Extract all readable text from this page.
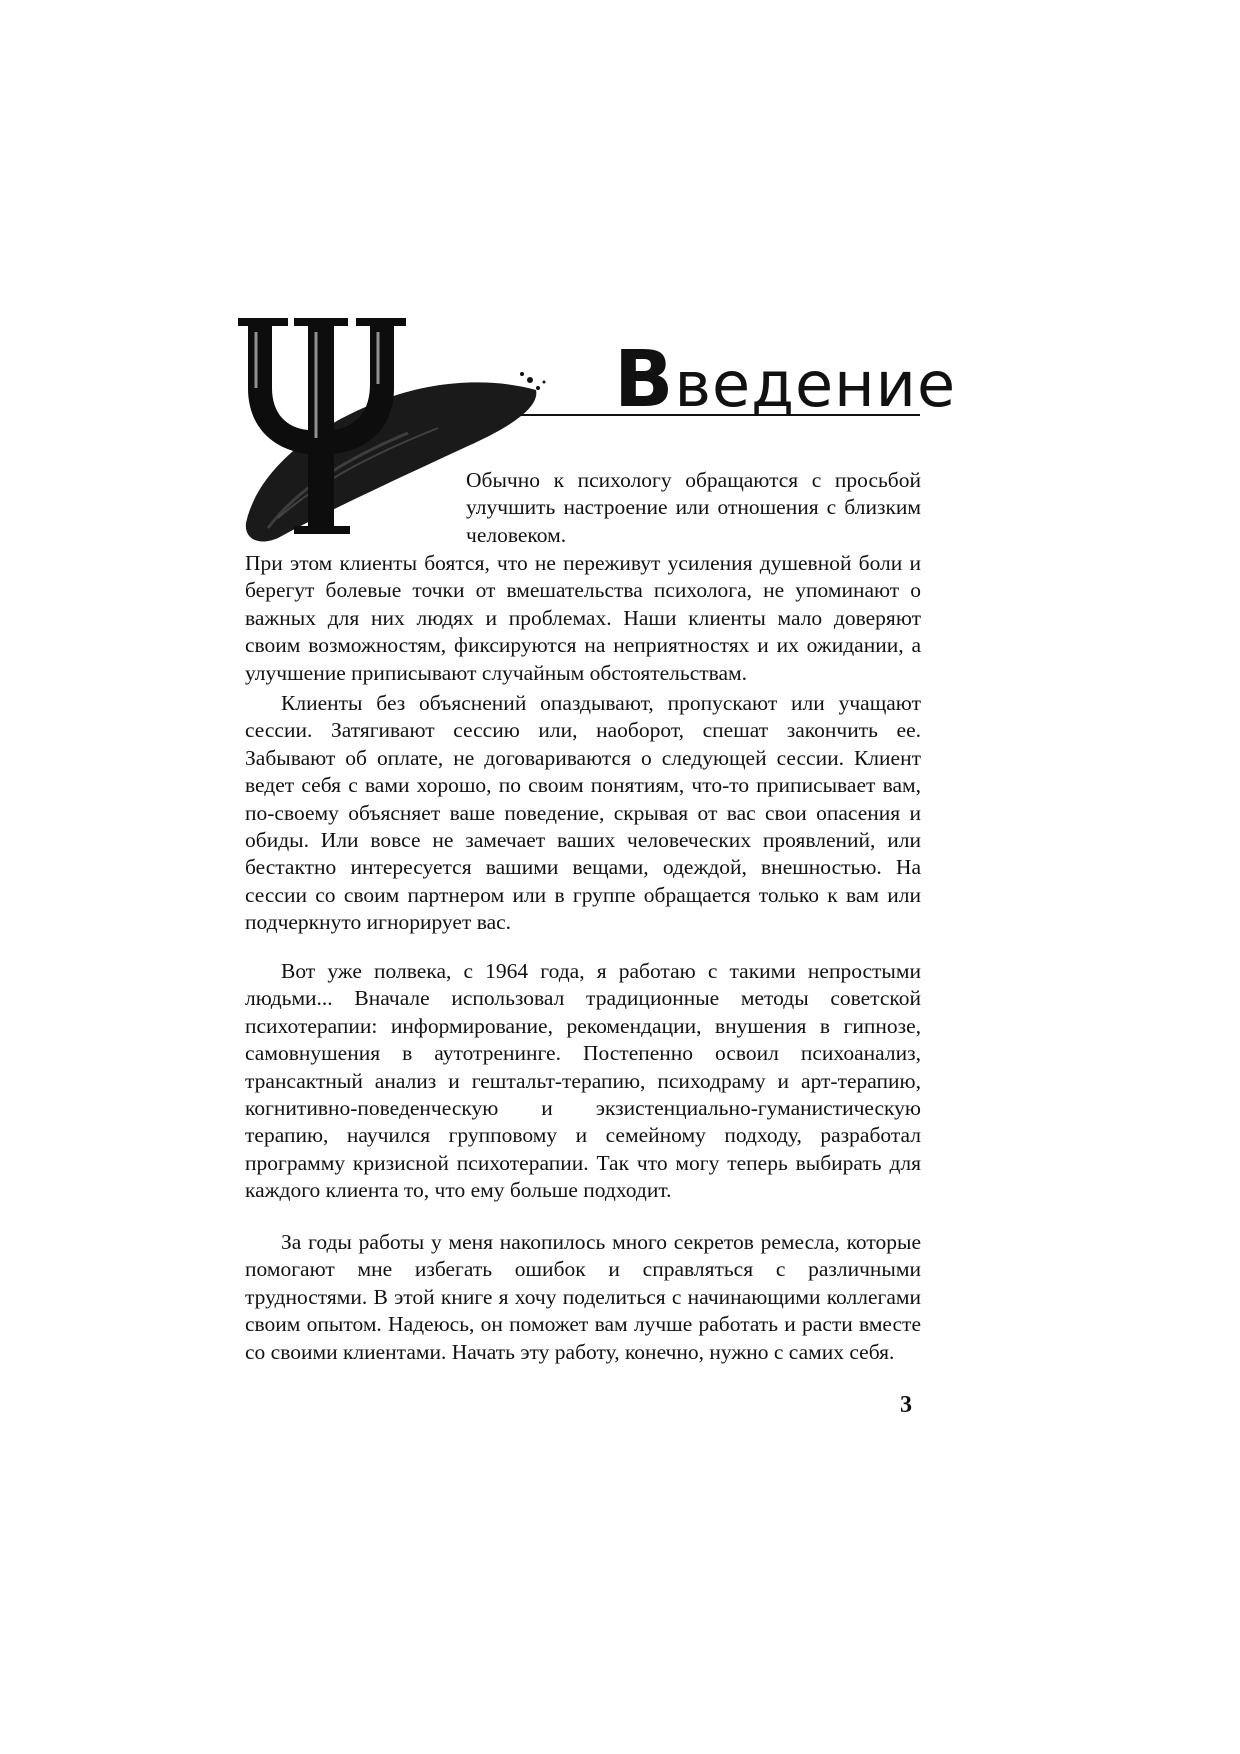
Введение
Обычно к психологу обращаются с просьбой улучшить настроение или отношения с близким человеком.
При этом клиенты боятся, что не переживут усиления душевной боли и берегут болевые точки от вмешательства психолога, не упоминают о важных для них людях и проблемах. Наши клиенты мало доверяют своим возможностям, фиксируются на неприятностях и их ожидании, а улучшение приписывают случайным обстоятельствам.
Клиенты без объяснений опаздывают, пропускают или учащают сессии. Затягивают сессию или, наоборот, спешат закончить ее. Забывают об оплате, не договариваются о следующей сессии. Клиент ведет себя с вами хорошо, по своим понятиям, что-то приписывает вам, по-своему объясняет ваше поведение, скрывая от вас свои опасения и обиды. Или вовсе не замечает ваших человеческих проявлений, или бестактно интересуется вашими вещами, одеждой, внешностью. На сессии со своим партнером или в группе обращается только к вам или подчеркнуто игнорирует вас.
Вот уже полвека, с 1964 года, я работаю с такими непростыми людьми... Вначале использовал традиционные методы советской психотерапии: информирование, рекомендации, внушения в гипнозе, самовнушения в аутотренинге. Постепенно освоил психоанализ, трансактный анализ и гештальт-терапию, психодраму и арт-терапию, когнитивно-поведенческую и экзистенциально-гуманистическую терапию, научился групповому и семейному подходу, разработал программу кризисной психотерапии. Так что могу теперь выбирать для каждого клиента то, что ему больше подходит.
За годы работы у меня накопилось много секретов ремесла, которые помогают мне избегать ошибок и справляться с различными трудностями. В этой книге я хочу поделиться с начинающими коллегами своим опытом. Надеюсь, он поможет вам лучше работать и расти вместе со своими клиентами. Начать эту работу, конечно, нужно с самих себя.
3
